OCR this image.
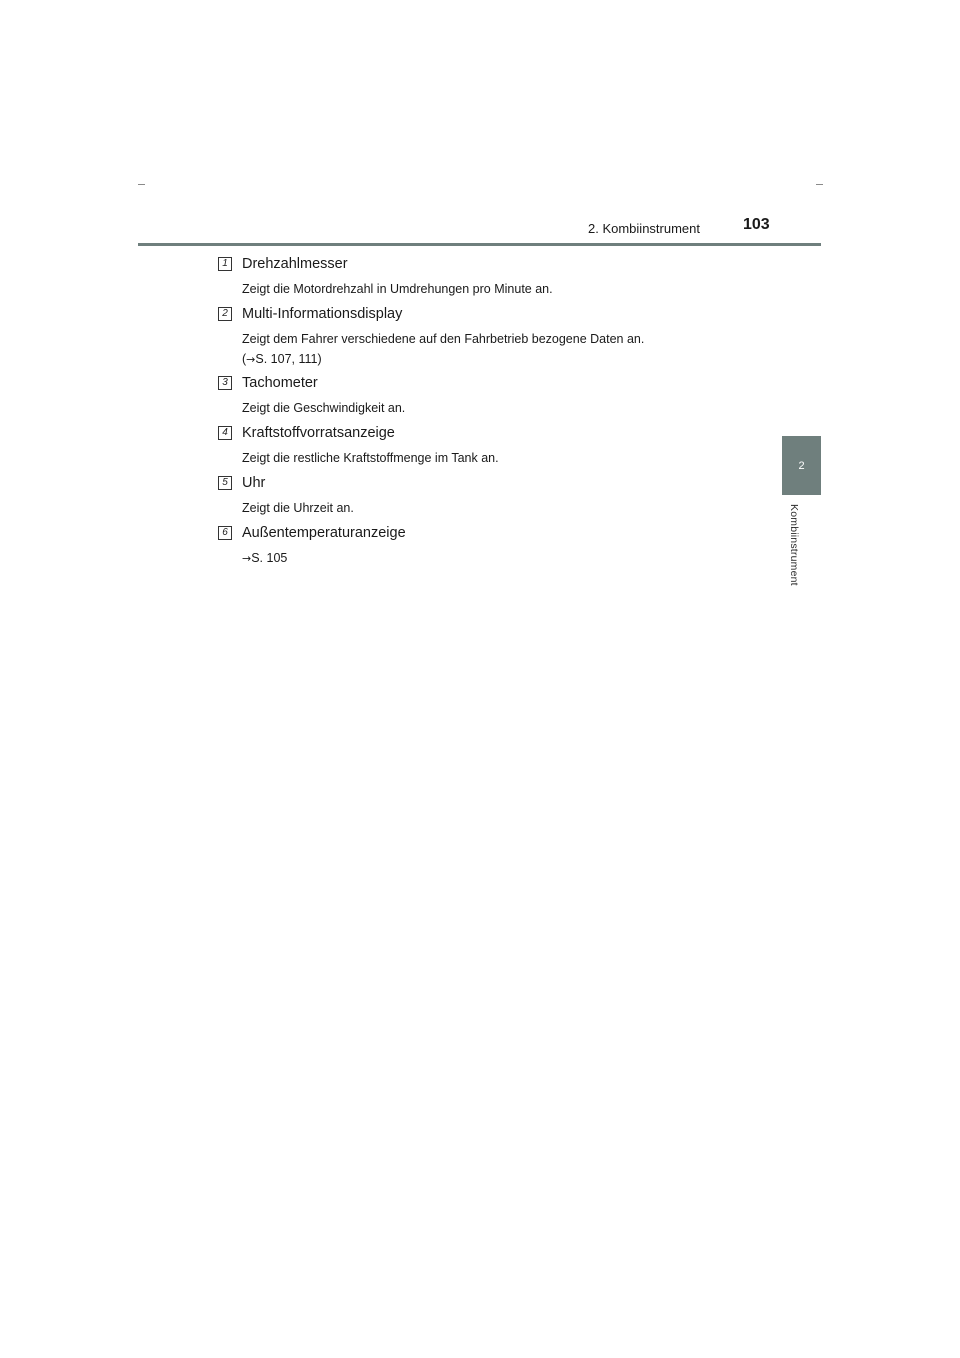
2. Kombiinstrument	103
2
Kombiinstrument
1 Drehzahlmesser
Zeigt die Motordrehzahl in Umdrehungen pro Minute an.
2 Multi-Informationsdisplay
Zeigt dem Fahrer verschiedene auf den Fahrbetrieb bezogene Daten an.
(→S. 107, 111)
3 Tachometer
Zeigt die Geschwindigkeit an.
4 Kraftstoffvorratsanzeige
Zeigt die restliche Kraftstoffmenge im Tank an.
5 Uhr
Zeigt die Uhrzeit an.
6 Außentemperaturanzeige
→S. 105
